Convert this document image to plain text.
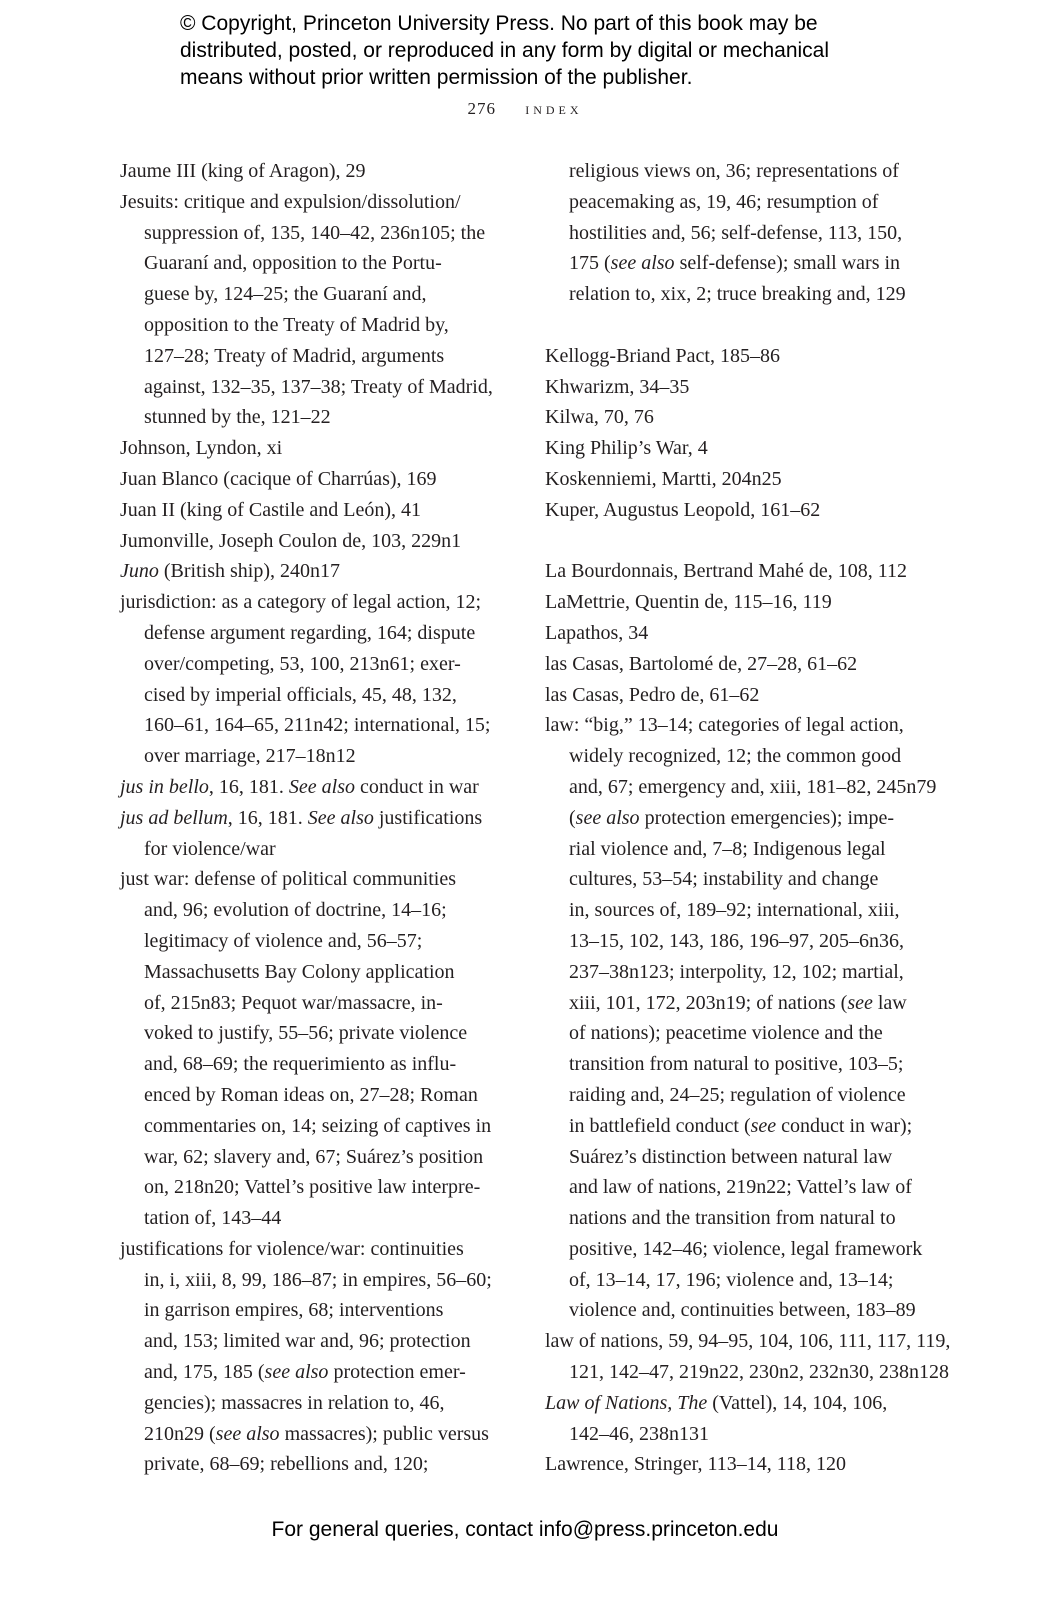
© Copyright, Princeton University Press. No part of this book may be
distributed, posted, or reproduced in any form by digital or mechanical
means without prior written permission of the publisher.
276 index
Jaume III (king of Aragon), 29
Jesuits: critique and expulsion/dissolution/
suppression of, 135, 140–42, 236n105; the
Guaraní and, opposition to the Portu-
guese by, 124–25; the Guaraní and,
opposition to the Treaty of Madrid by,
127–28; Treaty of Madrid, arguments
against, 132–35, 137–38; Treaty of Madrid,
stunned by the, 121–22
Johnson, Lyndon, xi
Juan Blanco (cacique of Charrúas), 169
Juan II (king of Castile and León), 41
Jumonville, Joseph Coulon de, 103, 229n1
Juno (British ship), 240n17
jurisdiction: as a category of legal action, 12;
defense argument regarding, 164; dispute
over/competing, 53, 100, 213n61; exer-
cised by imperial officials, 45, 48, 132,
160–61, 164–65, 211n42; international, 15;
over marriage, 217–18n12
jus in bello, 16, 181. See also conduct in war
jus ad bellum, 16, 181. See also justifications
for violence/war
just war: defense of political communities
and, 96; evolution of doctrine, 14–16;
legitimacy of violence and, 56–57;
Massachusetts Bay Colony application
of, 215n83; Pequot war/massacre, in-
voked to justify, 55–56; private violence
and, 68–69; the requerimiento as influ-
enced by Roman ideas on, 27–28; Roman
commentaries on, 14; seizing of captives in
war, 62; slavery and, 67; Suárez’s position
on, 218n20; Vattel’s positive law interpre-
tation of, 143–44
justifications for violence/war: continuities
in, i, xiii, 8, 99, 186–87; in empires, 56–60;
in garrison empires, 68; interventions
and, 153; limited war and, 96; protection
and, 175, 185 (see also protection emer-
gencies); massacres in relation to, 46,
210n29 (see also massacres); public versus
private, 68–69; rebellions and, 120;
religious views on, 36; representations of
peacemaking as, 19, 46; resumption of
hostilities and, 56; self-defense, 113, 150,
175 (see also self-defense); small wars in
relation to, xix, 2; truce breaking and, 129
Kellogg-Briand Pact, 185–86
Khwarizm, 34–35
Kilwa, 70, 76
King Philip’s War, 4
Koskenniemi, Martti, 204n25
Kuper, Augustus Leopold, 161–62
La Bourdonnais, Bertrand Mahé de, 108, 112
LaMettrie, Quentin de, 115–16, 119
Lapathos, 34
las Casas, Bartolomé de, 27–28, 61–62
las Casas, Pedro de, 61–62
law: “big,” 13–14; categories of legal action,
widely recognized, 12; the common good
and, 67; emergency and, xiii, 181–82, 245n79
(see also protection emergencies); impe-
rial violence and, 7–8; Indigenous legal
cultures, 53–54; instability and change
in, sources of, 189–92; international, xiii,
13–15, 102, 143, 186, 196–97, 205–6n36,
237–38n123; interpolity, 12, 102; martial,
xiii, 101, 172, 203n19; of nations (see law
of nations); peacetime violence and the
transition from natural to positive, 103–5;
raiding and, 24–25; regulation of violence
in battlefield conduct (see conduct in war);
Suárez’s distinction between natural law
and law of nations, 219n22; Vattel’s law of
nations and the transition from natural to
positive, 142–46; violence, legal framework
of, 13–14, 17, 196; violence and, 13–14;
violence and, continuities between, 183–89
law of nations, 59, 94–95, 104, 106, 111, 117, 119,
121, 142–47, 219n22, 230n2, 232n30, 238n128
Law of Nations, The (Vattel), 14, 104, 106,
142–46, 238n131
Lawrence, Stringer, 113–14, 118, 120
For general queries, contact info@press.princeton.edu
